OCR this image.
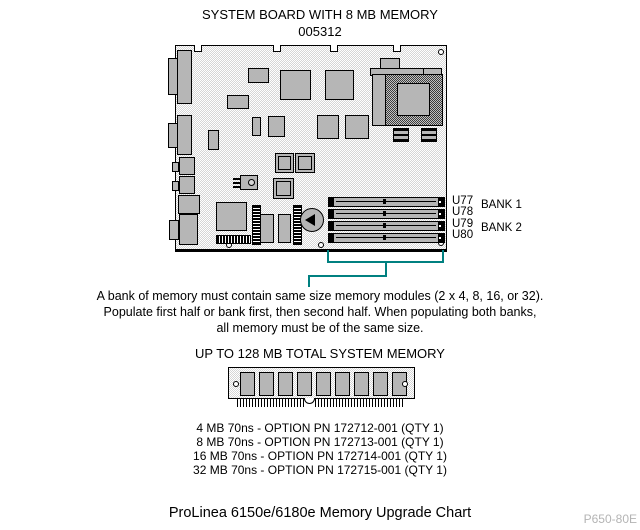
SYSTEM BOARD WITH 8 MB MEMORY
005312
U77
U78
U79
U80
BANK 1
BANK 2
A bank of memory must contain same size memory modules (2 x 4, 8, 16, or 32).
Populate first half or bank first, then second half. When populating both banks,
all memory must be of the same size.
UP TO 128 MB TOTAL SYSTEM MEMORY
4 MB 70ns - OPTION PN 172712-001 (QTY 1)
8 MB 70ns - OPTION PN 172713-001 (QTY 1)
16 MB 70ns - OPTION PN 172714-001 (QTY 1)
32 MB 70ns - OPTION PN 172715-001 (QTY 1)
ProLinea 6150e/6180e Memory Upgrade Chart	P650-80E
